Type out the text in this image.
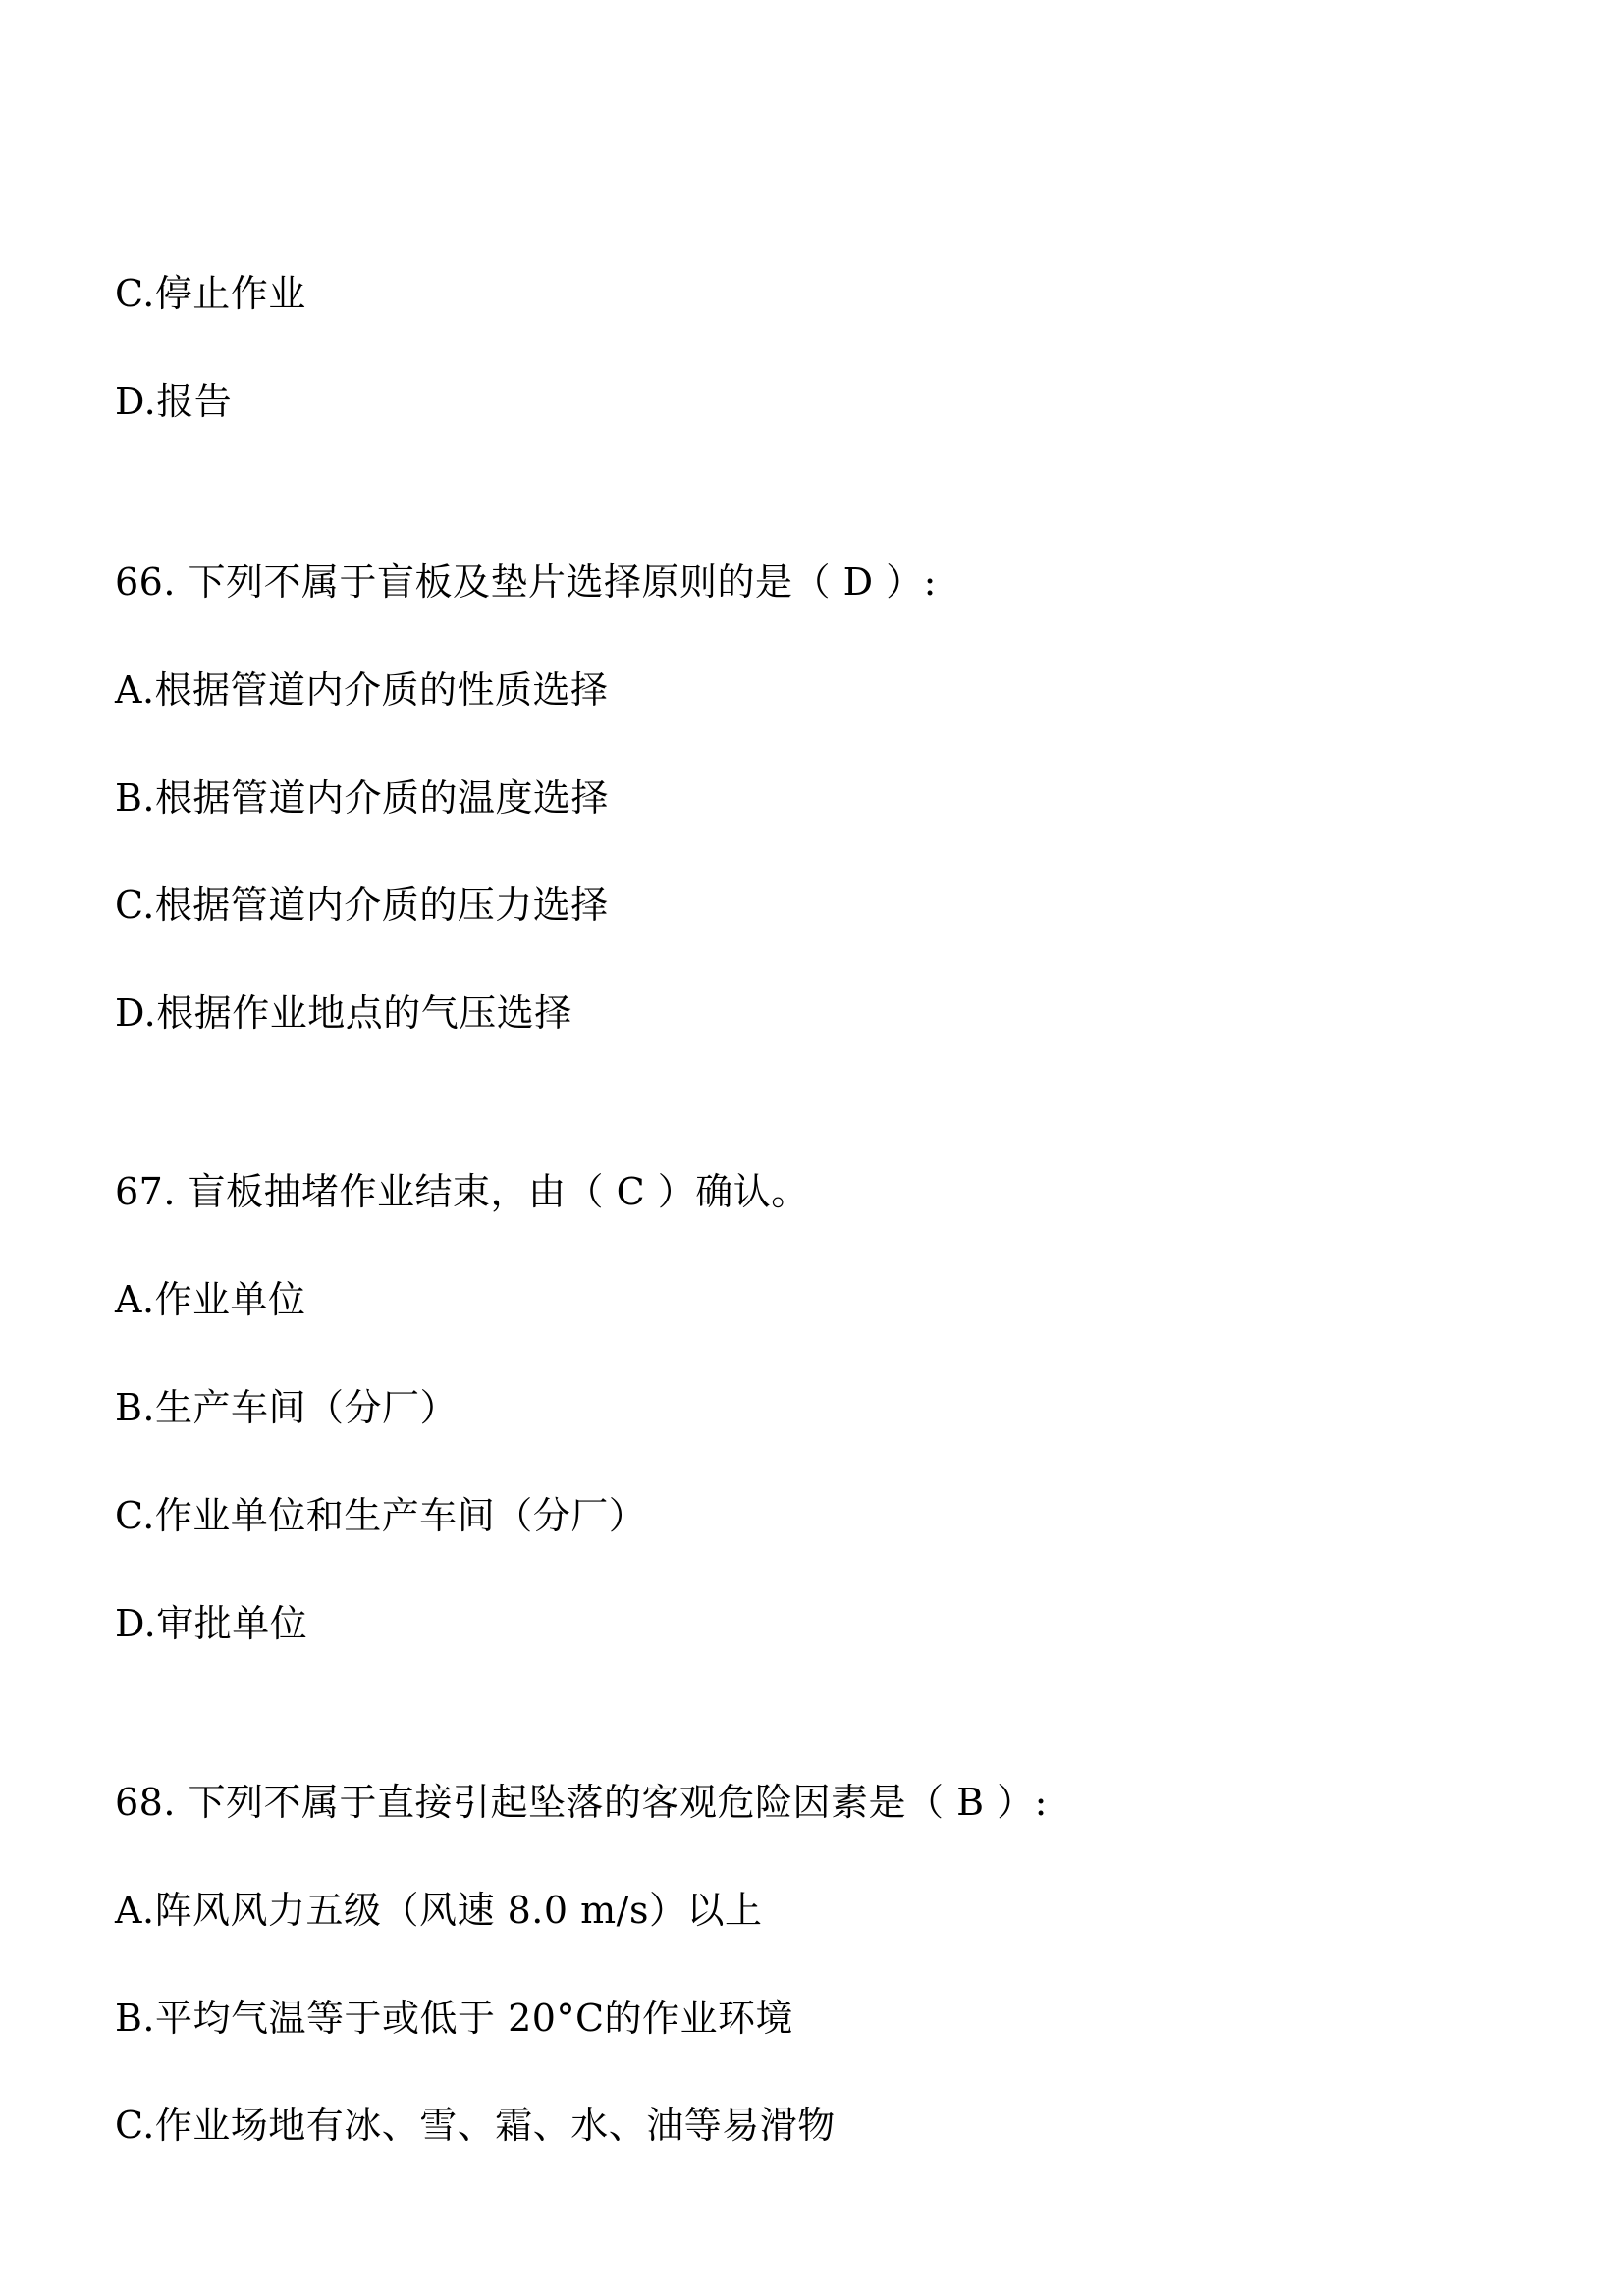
C.停止作业
D.报告
66. 下列不属于盲板及垫片选择原则的是（ D ）:
A.根据管道内介质的性质选择
B.根据管道内介质的温度选择
C.根据管道内介质的压力选择
D.根据作业地点的气压选择
67. 盲板抽堵作业结束，由（ C ）确认。
A.作业单位
B.生产车间（分厂）
C.作业单位和生产车间（分厂）
D.审批单位
68. 下列不属于直接引起坠落的客观危险因素是（ B ）:
A.阵风风力五级（风速 8.0 m/s）以上
B.平均气温等于或低于 20°C的作业环境
C.作业场地有冰、雪、霜、水、油等易滑物
